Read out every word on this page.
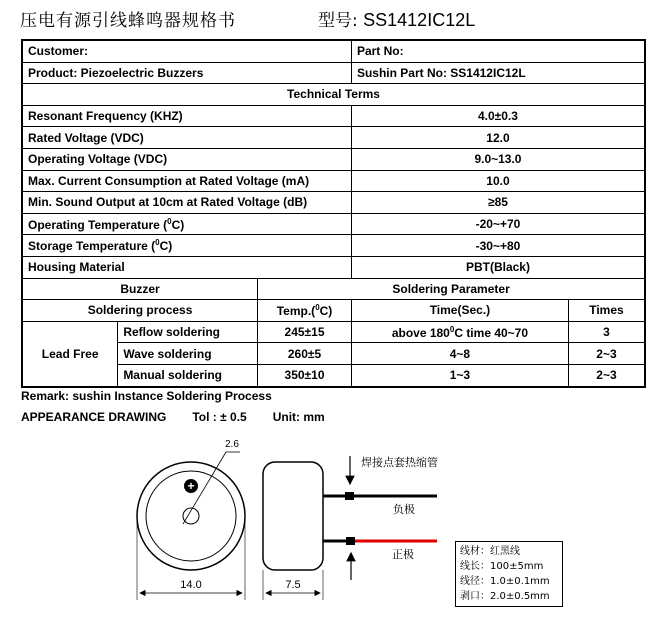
压电有源引线蜂鸣器规格书	型号: SS1412IC12L
Customer:			Part No:	
Product: Piezoelectric Buzzers			Sushin Part No: SS1412IC12L	
Technical Terms				
Resonant Frequency (KHZ)			4.0±0.3	
Rated Voltage (VDC)			12.0	
Operating Voltage (VDC)			9.0~13.0	
Max. Current Consumption at Rated Voltage (mA)			10.0	
Min. Sound Output at 10cm at Rated Voltage (dB)			≥85	
Operating Temperature ($^0$C)			-20~+70	
Storage Temperature ($^0$C)			-30~+80	
Housing Material			PBT(Black)	
Buzzer		Soldering Parameter		
Soldering process		Temp.($^0$C)	Time(Sec.)	Times
Lead Free	Reflow soldering	245±15	above $180^0C$ time 40~70	3
	Wave soldering	260±5	4~8	2~3
	Manual soldering	350±10	1~3	2~3
Remark: sushin Instance Soldering Process
APPEARANCE DRAWING Tol : ± 0.5 Unit: mm
+
2.6
14.0	7.5
焊接点套热缩管
负极
正极	线材：红黑线
线长：100±5mm
线径：1.0±0.1mm
剥口：2.0±0.5mm
